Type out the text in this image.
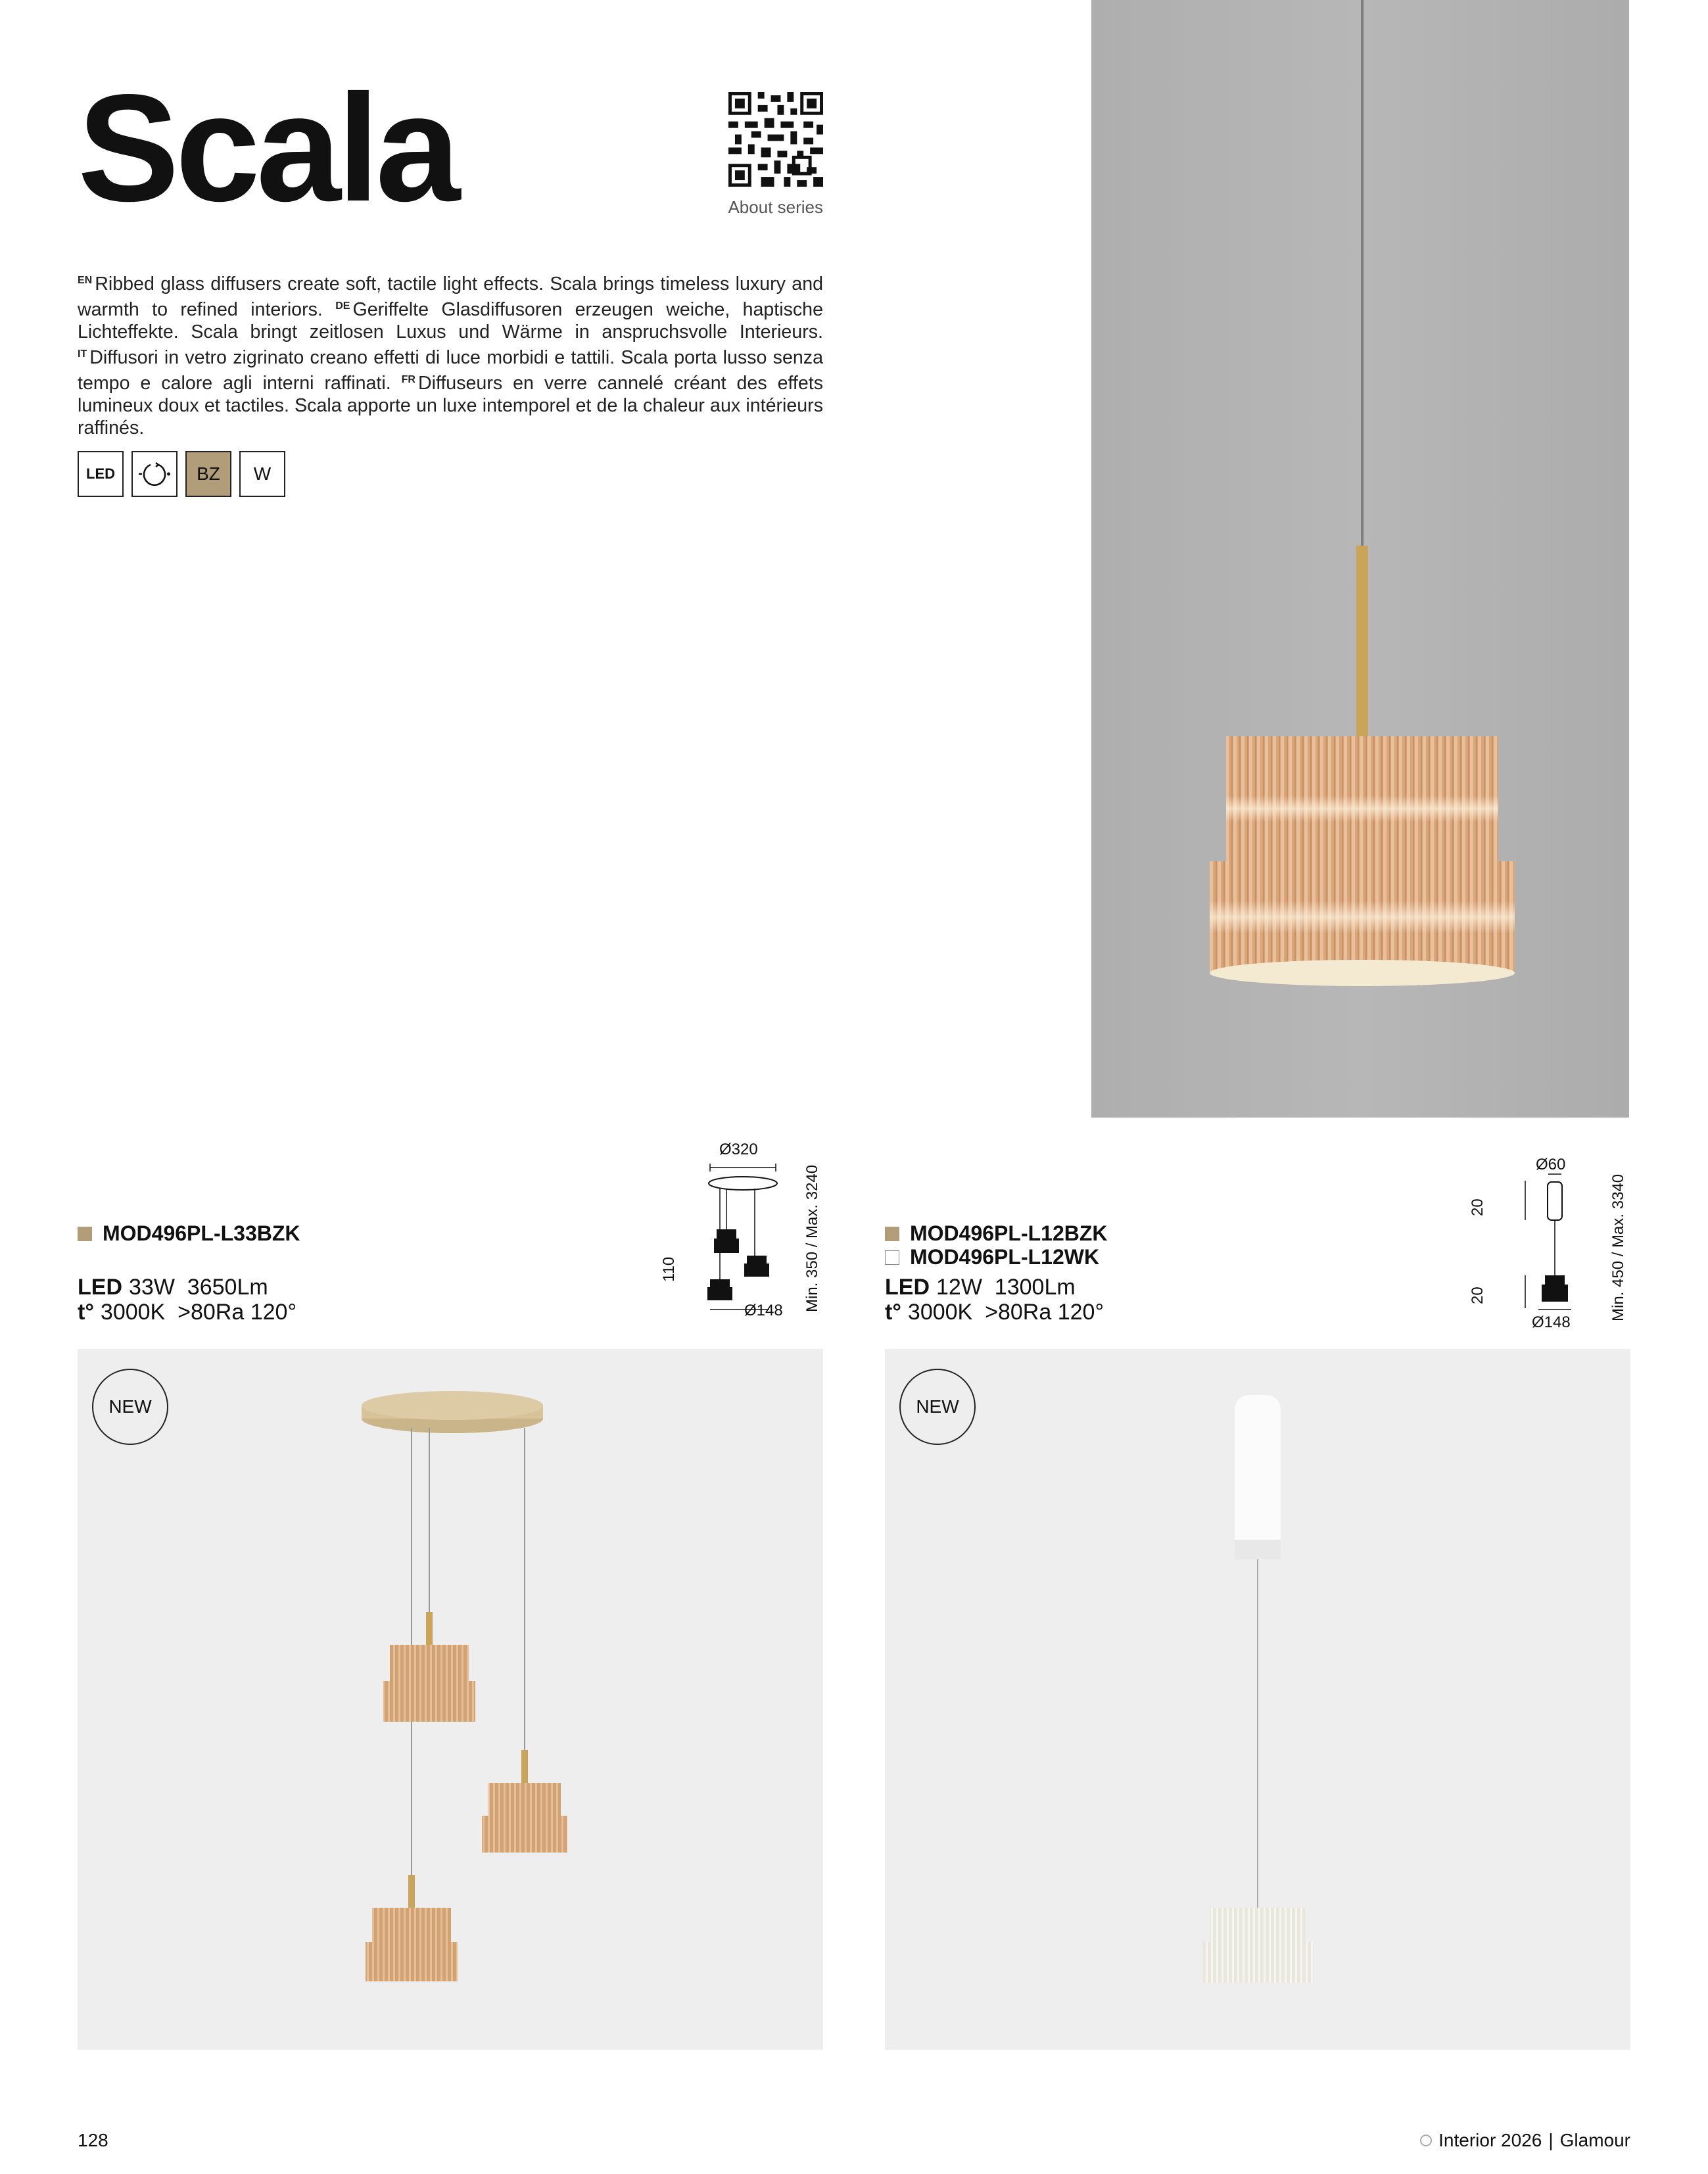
Scala	About series
$^{EN}$ Ribbed glass diffusers create soft, tactile light effects. Scala brings timeless luxury and warmth to refined interiors. $^{DE}$ Geriffelte Glasdiffusoren erzeugen weiche, haptische Lichteffekte. Scala bringt zeitlosen Luxus und Wärme in anspruchsvolle Interieurs. $^{IT}$ Diffusori in vetro zigrinato creano effetti di luce morbidi e tattili. Scala porta lusso senza tempo e calore agli interni raffinati. $^{FR}$ Diffuseurs en verre cannelé créant des effets lumineux doux et tactiles. Scala apporte un luxe intemporel et de la chaleur aux intérieurs raffinés.
LED	BZ	W
MOD496PL-L33BZK
LED 33W  3650Lm
t° 3000K  >80Ra 120°
Ø320
110
Ø148 Min. 350 / Max. 3240
NEW
MOD496PL-L12BZK
MOD496PL-L12WK
LED 12W  1300Lm
t° 3000K  >80Ra 120°
Ø60
20
20
Ø148
Min. 450 / Max. 3340
NEW
128	Interior 2026 | Glamour
